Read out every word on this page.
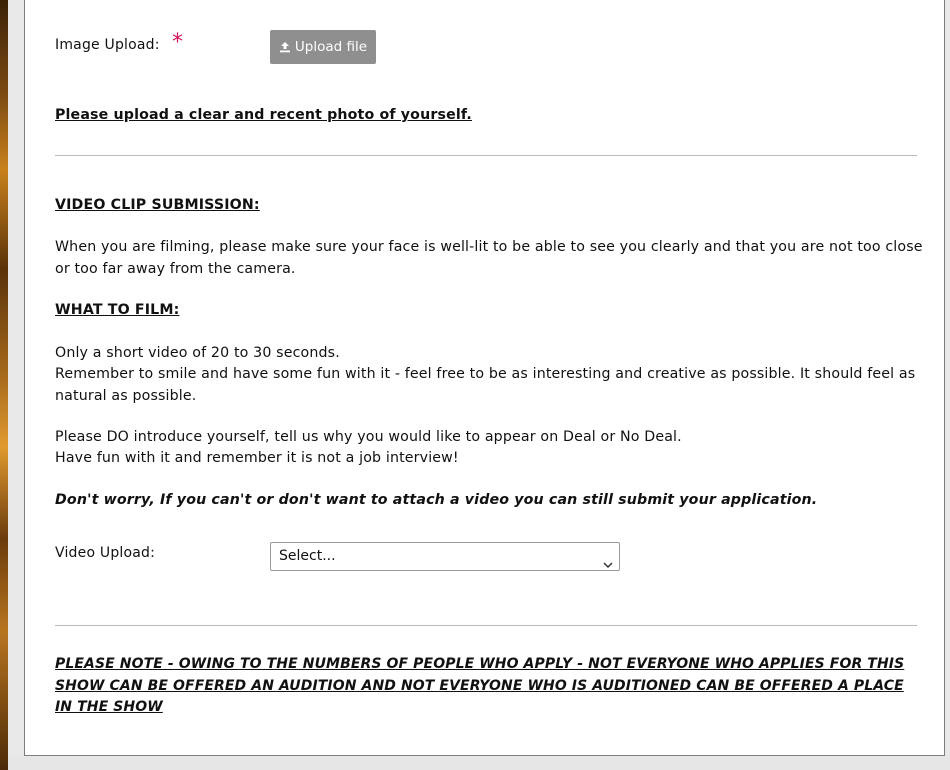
Image Upload: *	Upload file
Please upload a clear and recent photo of yourself.
VIDEO CLIP SUBMISSION:
When you are filming, please make sure your face is well-lit to be able to see you clearly and that you are not too close or too far away from the camera.
WHAT TO FILM:
Only a short video of 20 to 30 seconds.
Remember to smile and have some fun with it - feel free to be as interesting and creative as possible. It should feel as natural as possible.
Please DO introduce yourself, tell us why you would like to appear on Deal or No Deal.
Have fun with it and remember it is not a job interview!
Don't worry, If you can't or don't want to attach a video you can still submit your application.
Video Upload:	Select...
PLEASE NOTE - OWING TO THE NUMBERS OF PEOPLE WHO APPLY - NOT EVERYONE WHO APPLIES FOR THIS SHOW CAN BE OFFERED AN AUDITION AND NOT EVERYONE WHO IS AUDITIONED CAN BE OFFERED A PLACE IN THE SHOW
